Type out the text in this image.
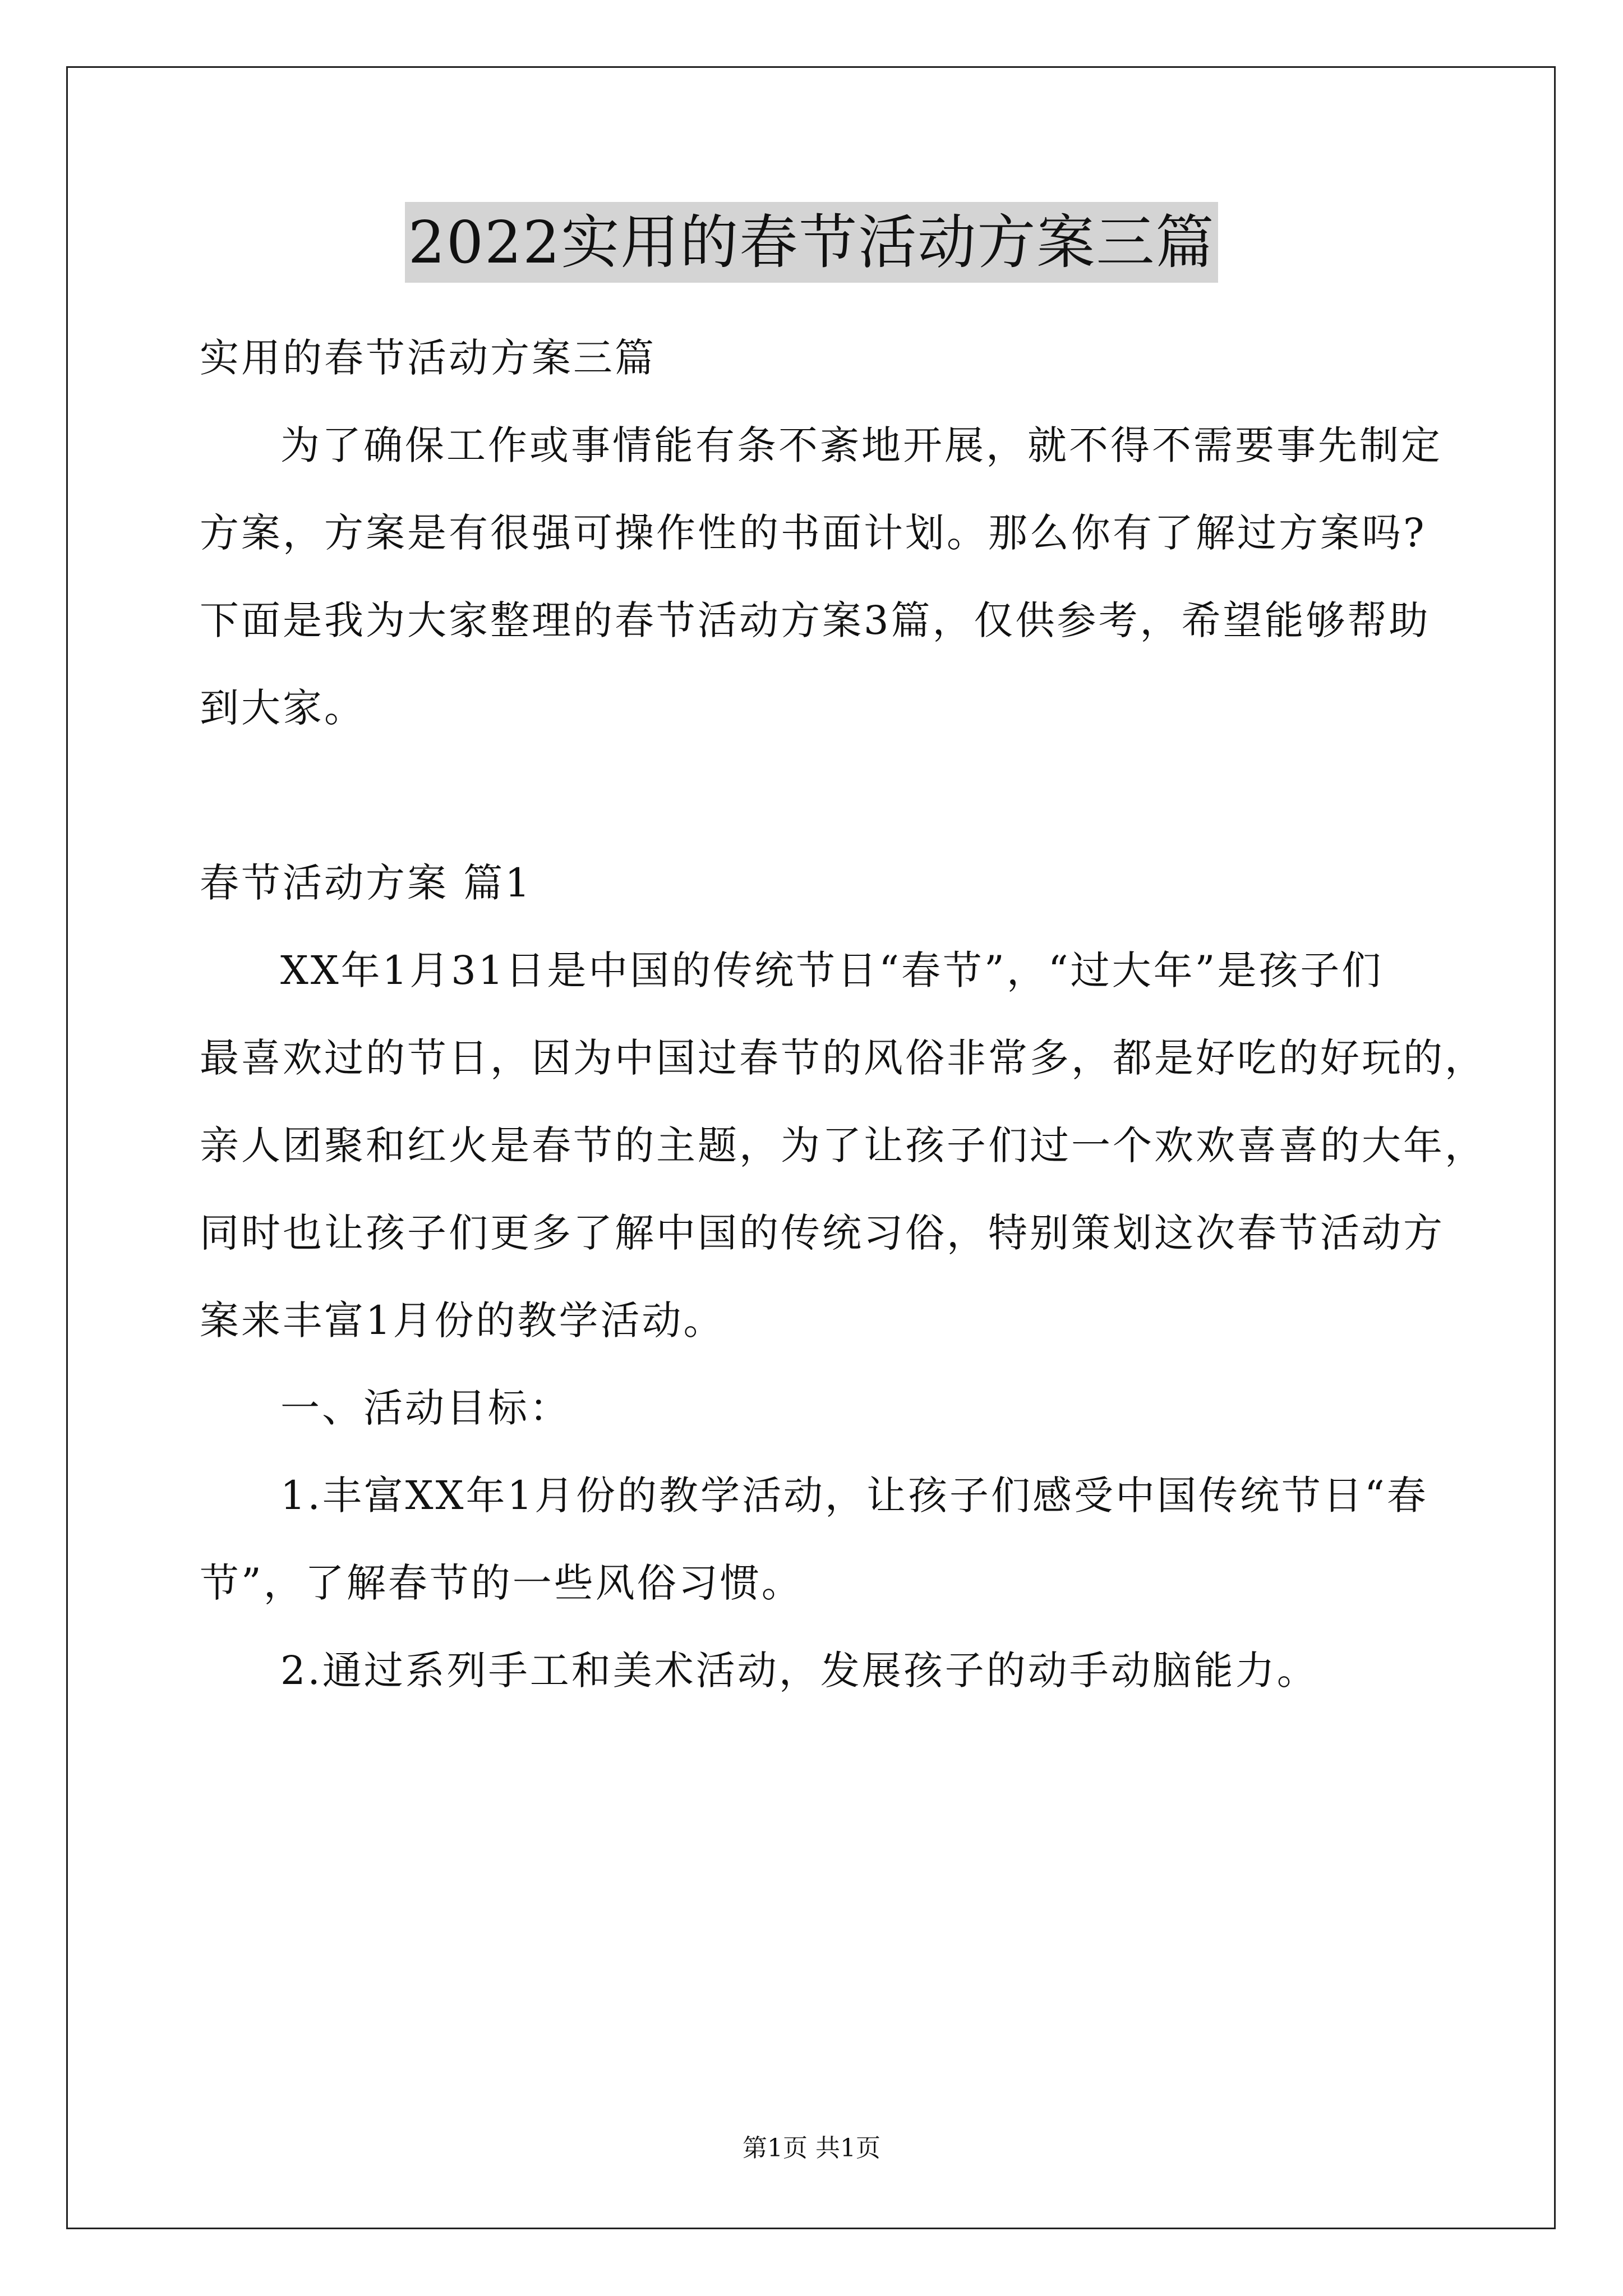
2022实用的春节活动方案三篇
实用的春节活动方案三篇
为了确保工作或事情能有条不紊地开展，就不得不需要事先制定
方案，方案是有很强可操作性的书面计划。那么你有了解过方案吗?
下面是我为大家整理的春节活动方案3篇，仅供参考，希望能够帮助
到大家。
春节活动方案 篇1
XX年1月31日是中国的传统节日“春节”，“过大年”是孩子们
最喜欢过的节日，因为中国过春节的风俗非常多，都是好吃的好玩的，
亲人团聚和红火是春节的主题，为了让孩子们过一个欢欢喜喜的大年，
同时也让孩子们更多了解中国的传统习俗，特别策划这次春节活动方
案来丰富1月份的教学活动。
一、活动目标：
1.丰富XX年1月份的教学活动，让孩子们感受中国传统节日“春
节”，了解春节的一些风俗习惯。
2.通过系列手工和美术活动，发展孩子的动手动脑能力。
第1页 共1页
